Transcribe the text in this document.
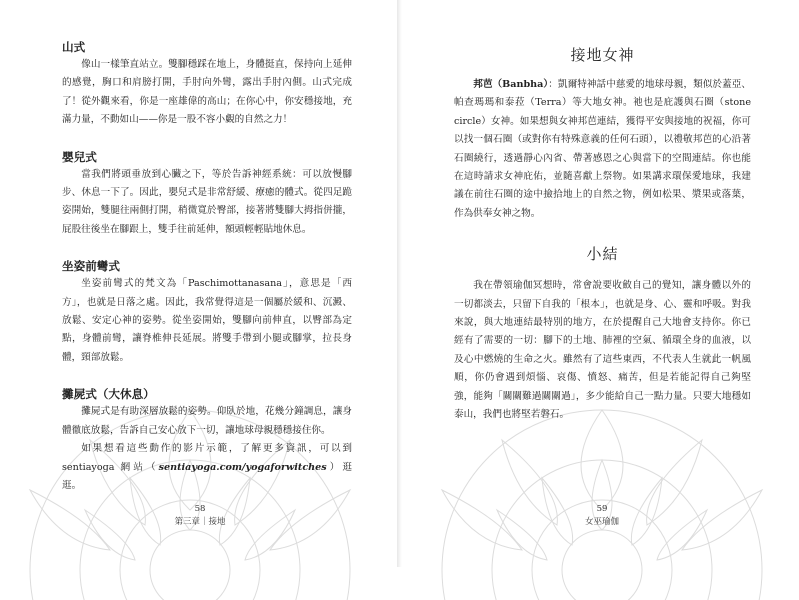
山式

像山一樣筆直站立。雙腳穩踩在地上，身體挺直，保持向上延伸的感覺，胸口和肩膀打開，手肘向外彎，露出手肘內側。山式完成了！從外觀來看，你是一座雄偉的高山；在你心中，你安穩接地，充滿力量，不動如山——你是一股不容小覷的自然之力！

嬰兒式

當我們將頭垂放到心臟之下，等於告訴神經系統：可以放慢腳步、休息一下了。因此，嬰兒式是非常舒緩、療癒的體式。從四足跪姿開始，雙腿往兩側打開，稍微寬於臀部，接著將雙腳大拇指併攏，屁股往後坐在腳跟上，雙手往前延伸，額頭輕輕貼地休息。

坐姿前彎式

坐姿前彎式的梵文為「Paschimottanasana」，意思是「西方」，也就是日落之處。因此，我常覺得這是一個屬於緩和、沉澱、放鬆、安定心神的姿勢。從坐姿開始，雙腳向前伸直，以臀部為定點，身體前彎，讓脊椎伸長延展。將雙手帶到小腿或腳掌，拉長身體，頸部放鬆。

攤屍式（大休息）

攤屍式是有助深層放鬆的姿勢。仰臥於地，花幾分鐘調息，讓身體徹底放鬆，告訴自己安心放下一切，讓地球母親穩穩接住你。

如果想看這些動作的影片示範，了解更多資訊，可以到 sentiayoga 網站（sentiayoga.com/yogaforwitches）逛逛。

58
第三章｜接地
接地女神

邦芭（Banbha）：凱爾特神話中慈愛的地球母親，類似於蓋亞、帕查瑪瑪和泰菈（Terra）等大地女神。祂也是庇護與石圈（stone circle）女神。如果想與女神邦芭連結，獲得平安與接地的祝福，你可以找一個石圈（或對你有特殊意義的任何石頭），以禮敬邦芭的心沿著石圈繞行，透過靜心內省、帶著感恩之心與當下的空間連結。你也能在這時請求女神庇佑，並隨喜獻上祭物。如果講求環保愛地球，我建議在前往石圈的途中撿拾地上的自然之物，例如松果、漿果或落葉，作為供奉女神之物。

小結

我在帶領瑜伽冥想時，常會說要收斂自己的覺知，讓身體以外的一切都淡去，只留下自我的「根本」，也就是身、心、靈和呼吸。對我來說，與大地連結最特別的地方，在於提醒自己大地會支持你。你已經有了需要的一切：腳下的土地、肺裡的空氣、循環全身的血液，以及心中燃燒的生命之火。雖然有了這些東西，不代表人生就此一帆風順，你仍會遇到煩惱、哀傷、憤怒、痛苦，但是若能記得自己夠堅強，能夠「關關難過關關過」，多少能給自己一點力量。只要大地穩如泰山，我們也將堅若磐石。

59
女巫瑜伽
